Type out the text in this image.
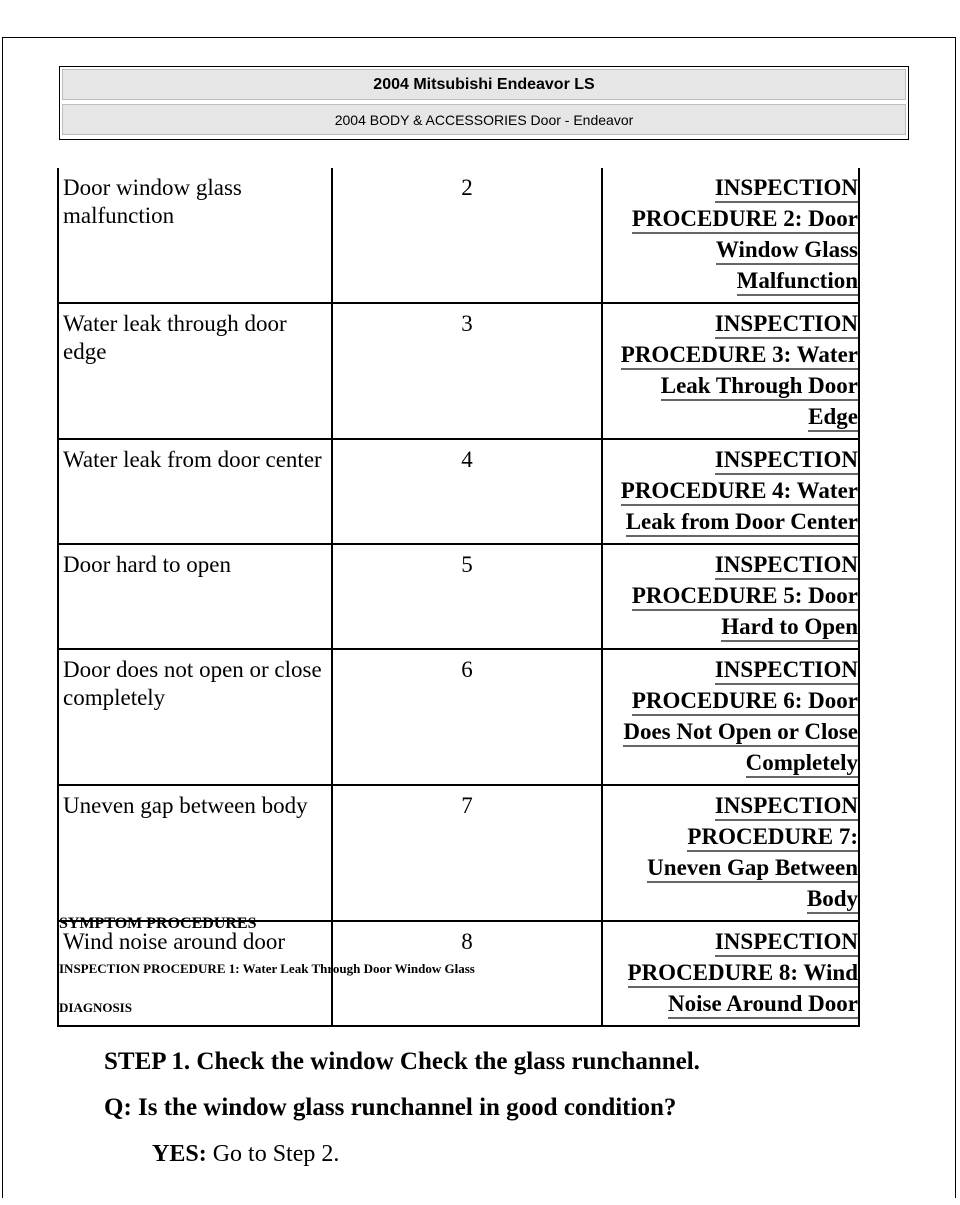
2004 Mitsubishi Endeavor LS
2004 BODY & ACCESSORIES Door - Endeavor
Door window glass malfunction	2	INSPECTION
PROCEDURE 2: Door
Window Glass
Malfunction

Water leak through door edge	3	INSPECTION
PROCEDURE 3: Water
Leak Through Door
Edge

Water leak from door center	4	INSPECTION
PROCEDURE 4: Water
Leak from Door Center

Door hard to open	5	INSPECTION
PROCEDURE 5: Door
Hard to Open

Door does not open or close completely	6	INSPECTION
PROCEDURE 6: Door
Does Not Open or Close
Completely

Uneven gap between body	7	INSPECTION
PROCEDURE 7:
Uneven Gap Between
Body

Wind noise around door	8	INSPECTION
PROCEDURE 8: Wind
Noise Around Door
SYMPTOM PROCEDURES
INSPECTION PROCEDURE 1: Water Leak Through Door Window Glass
DIAGNOSIS
STEP 1. Check the window Check the glass runchannel.
Q: Is the window glass runchannel in good condition?
YES: Go to Step 2.
